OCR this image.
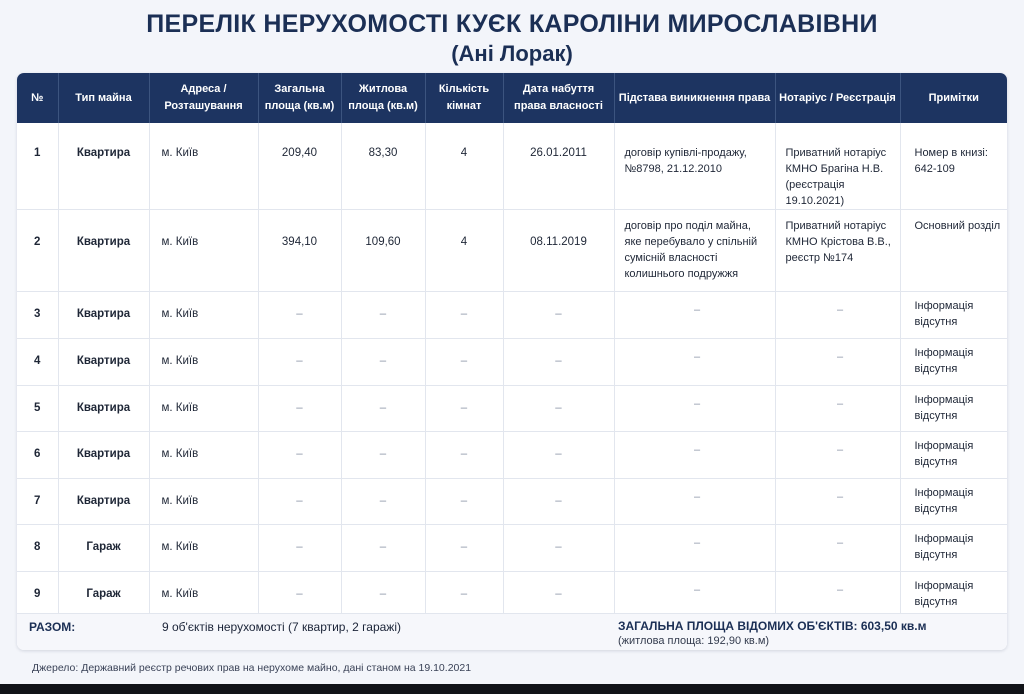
ПЕРЕЛІК НЕРУХОМОСТІ КУЄК КАРОЛІНИ МИРОСЛАВІВНИ
(Ані Лорак)
№	Тип майна	Адреса / Розташування	Загальна площа (кв.м)	Житлова площа (кв.м)	Кількість кімнат	Дата набуття права власності	Підстава виникнення права	Нотаріус / Реєстрація	Примітки
1	Квартира	м. Київ	209,40	83,30	4	26.01.2011	договір купівлі-продажу, №8798, 21.12.2010	Приватний нотаріус КМНО Брагіна Н.В. (реєстрація 19.10.2021)	Номер в книзі: 642-109
2	Квартира	м. Київ	394,10	109,60	4	08.11.2019	договір про поділ майна, яке перебувало у спільній сумісній власності колишнього подружжя	Приватний нотаріус КМНО Крістова В.В., реєстр №174	Основний розділ
3	Квартира	м. Київ	–	–	–	–	–	–	Інформація відсутня
4	Квартира	м. Київ	–	–	–	–	–	–	Інформація відсутня
5	Квартира	м. Київ	–	–	–	–	–	–	Інформація відсутня
6	Квартира	м. Київ	–	–	–	–	–	–	Інформація відсутня
7	Квартира	м. Київ	–	–	–	–	–	–	Інформація відсутня
8	Гараж	м. Київ	–	–	–	–	–	–	Інформація відсутня
9	Гараж	м. Київ	–	–	–	–	–	–	Інформація відсутня
РАЗОМ:	9 об'єктів нерухомості (7 квартир, 2 гаражі)	ЗАГАЛЬНА ПЛОЩА ВІДОМИХ ОБ'ЄКТІВ: 603,50 кв.м
(житлова площа: 192,90 кв.м)
Джерело: Державний реєстр речових прав на нерухоме майно, дані станом на 19.10.2021
